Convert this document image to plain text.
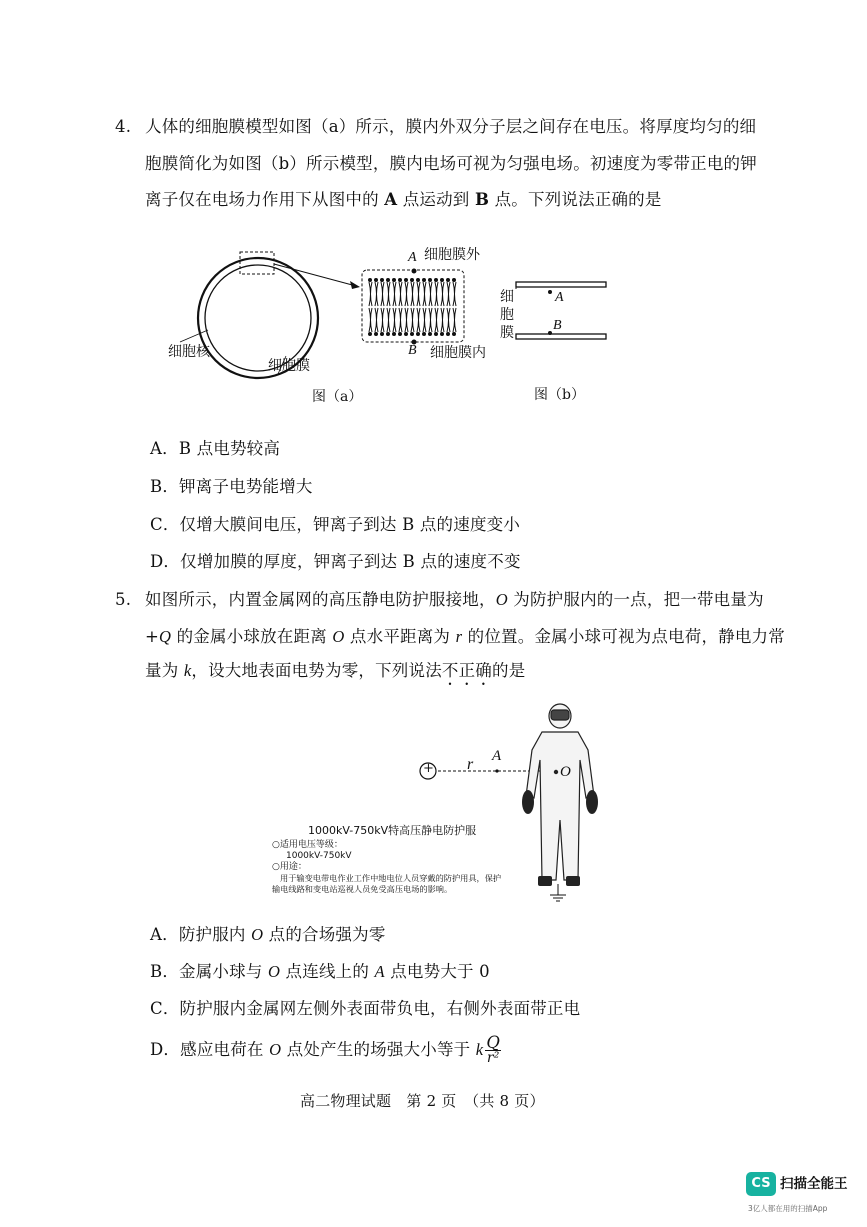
4. 人体的细胞膜模型如图（a）所示，膜内外双分子层之间存在电压。将厚度均匀的细
胞膜简化为如图（b）所示模型，膜内电场可视为匀强电场。初速度为零带正电的钾
离子仅在电场力作用下从图中的 A 点运动到 B 点。下列说法正确的是
A 细胞膜外
B 细胞膜内
细胞核
细胞膜
图（a）
细
胞
膜
A
B
图（b）
A．B 点电势较高
B．钾离子电势能增大
C．仅增大膜间电压，钾离子到达 B 点的速度变小
D．仅增加膜的厚度，钾离子到达 B 点的速度不变
5. 如图所示，内置金属网的高压静电防护服接地，O 为防护服内的一点，把一带电量为
+Q 的金属小球放在距离 O 点水平距离为 r 的位置。金属小球可视为点电荷，静电力常
量为 k，设大地表面电势为零，下列说法不正确的是
+ r A
O
1000kV-750kV特高压静电防护服
○适用电压等级：
1000kV-750kV
○用途：
用于输变电带电作业工作中地电位人员穿戴的防护用具，保护
输电线路和变电站巡视人员免受高压电场的影响。
A．防护服内 O 点的合场强为零
B．金属小球与 O 点连线上的 A 点电势大于 0
C．防护服内金属网左侧外表面带负电，右侧外表面带正电
D．感应电荷在 O 点处产生的场强大小等于 k $\frac{Q}{\text{r²}}$
高二物理试题　第 2 页　（共 8 页）
CS 扫描全能王
3亿人都在用的扫描App
